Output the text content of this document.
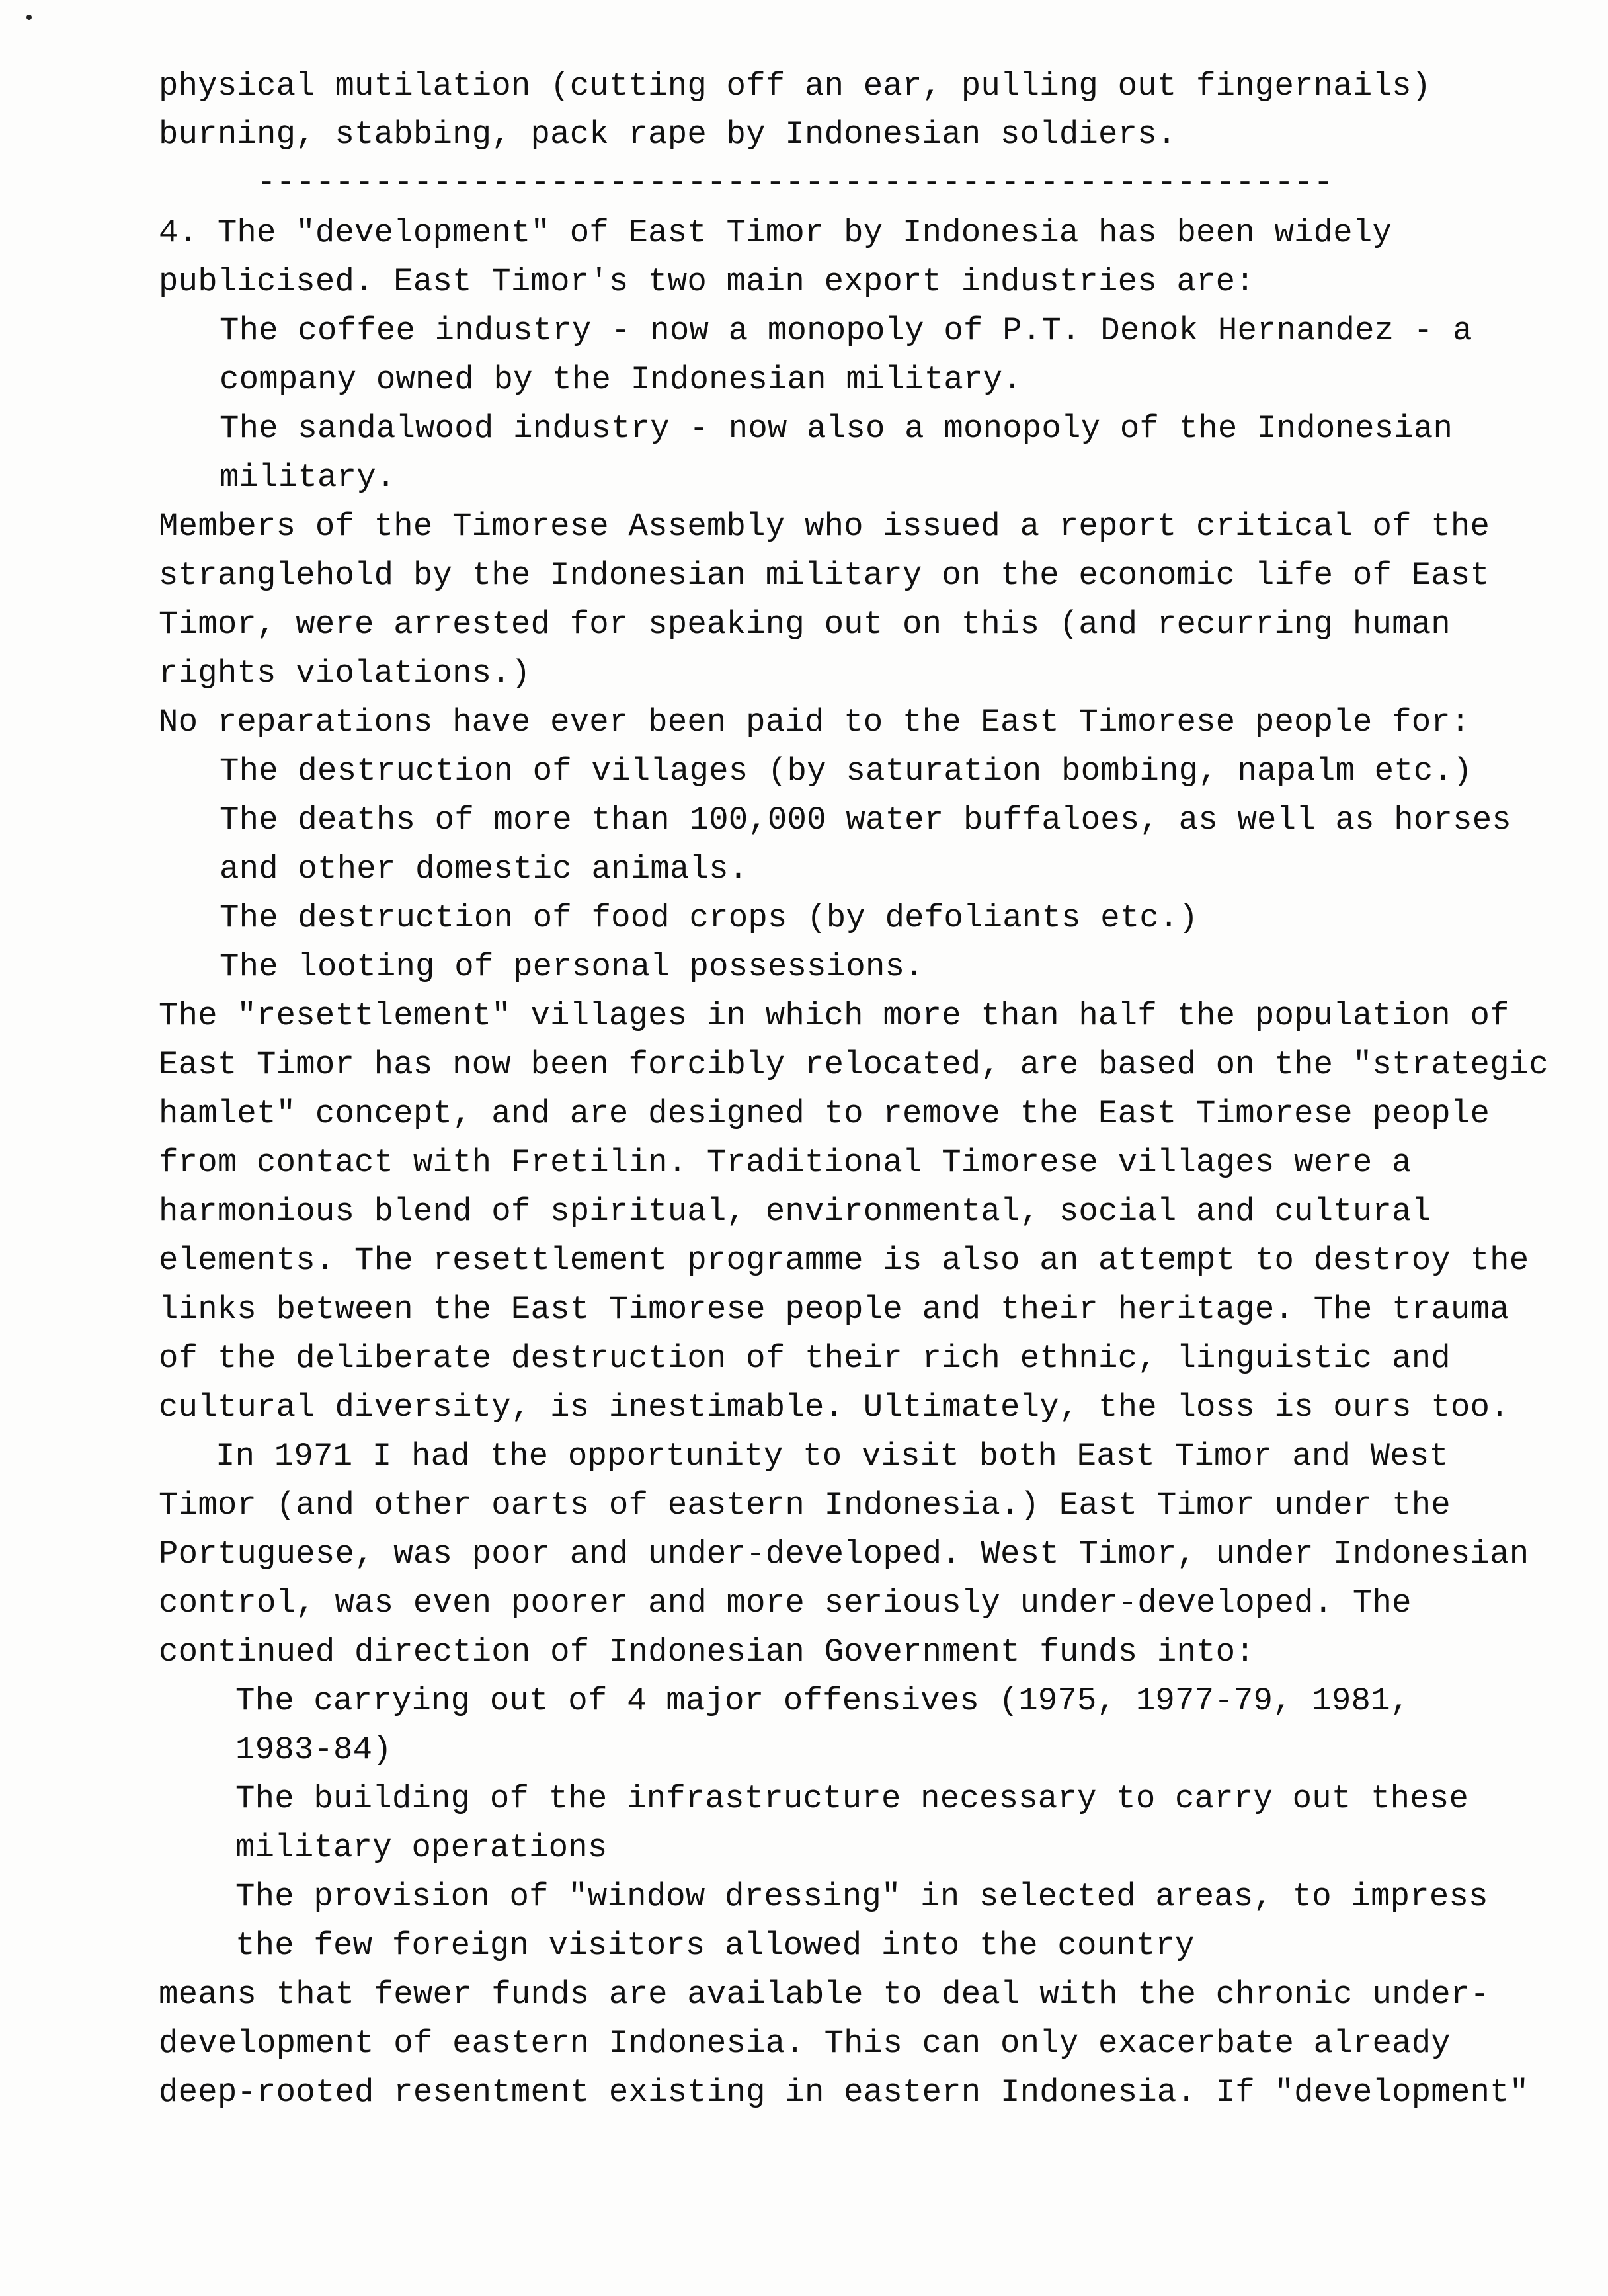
physical mutilation (cutting off an ear, pulling out fingernails)
burning, stabbing, pack rape by Indonesian soldiers.
-------------------------------------------------------
4. The "development" of East Timor by Indonesia has been widely
publicised. East Timor's two main export industries are:
The coffee industry - now a monopoly of P.T. Denok Hernandez - a
company owned by the Indonesian military.
The sandalwood industry - now also a monopoly of the Indonesian
military.
Members of the Timorese Assembly who issued a report critical of the
stranglehold by the Indonesian military on the economic life of East
Timor, were arrested for speaking out on this (and recurring human
rights violations.)
No reparations have ever been paid to the East Timorese people for:
The destruction of villages (by saturation bombing, napalm etc.)
The deaths of more than 100,000 water buffaloes, as well as horses
and other domestic animals.
The destruction of food crops (by defoliants etc.)
The looting of personal possessions.
The "resettlement" villages in which more than half the population of
East Timor has now been forcibly relocated, are based on the "strategic
hamlet" concept, and are designed to remove the East Timorese people
from contact with Fretilin. Traditional Timorese villages were a
harmonious blend of spiritual, environmental, social and cultural
elements. The resettlement programme is also an attempt to destroy the
links between the East Timorese people and their heritage. The trauma
of the deliberate destruction of their rich ethnic, linguistic and
cultural diversity, is inestimable. Ultimately, the loss is ours too.
In 1971 I had the opportunity to visit both East Timor and West
Timor (and other oarts of eastern Indonesia.) East Timor under the
Portuguese, was poor and under-developed. West Timor, under Indonesian
control, was even poorer and more seriously under-developed. The
continued direction of Indonesian Government funds into:
The carrying out of 4 major offensives (1975, 1977-79, 1981,
1983-84)
The building of the infrastructure necessary to carry out these
military operations
The provision of "window dressing" in selected areas, to impress
the few foreign visitors allowed into the country
means that fewer funds are available to deal with the chronic under-
development of eastern Indonesia. This can only exacerbate already
deep-rooted resentment existing in eastern Indonesia. If "development"
